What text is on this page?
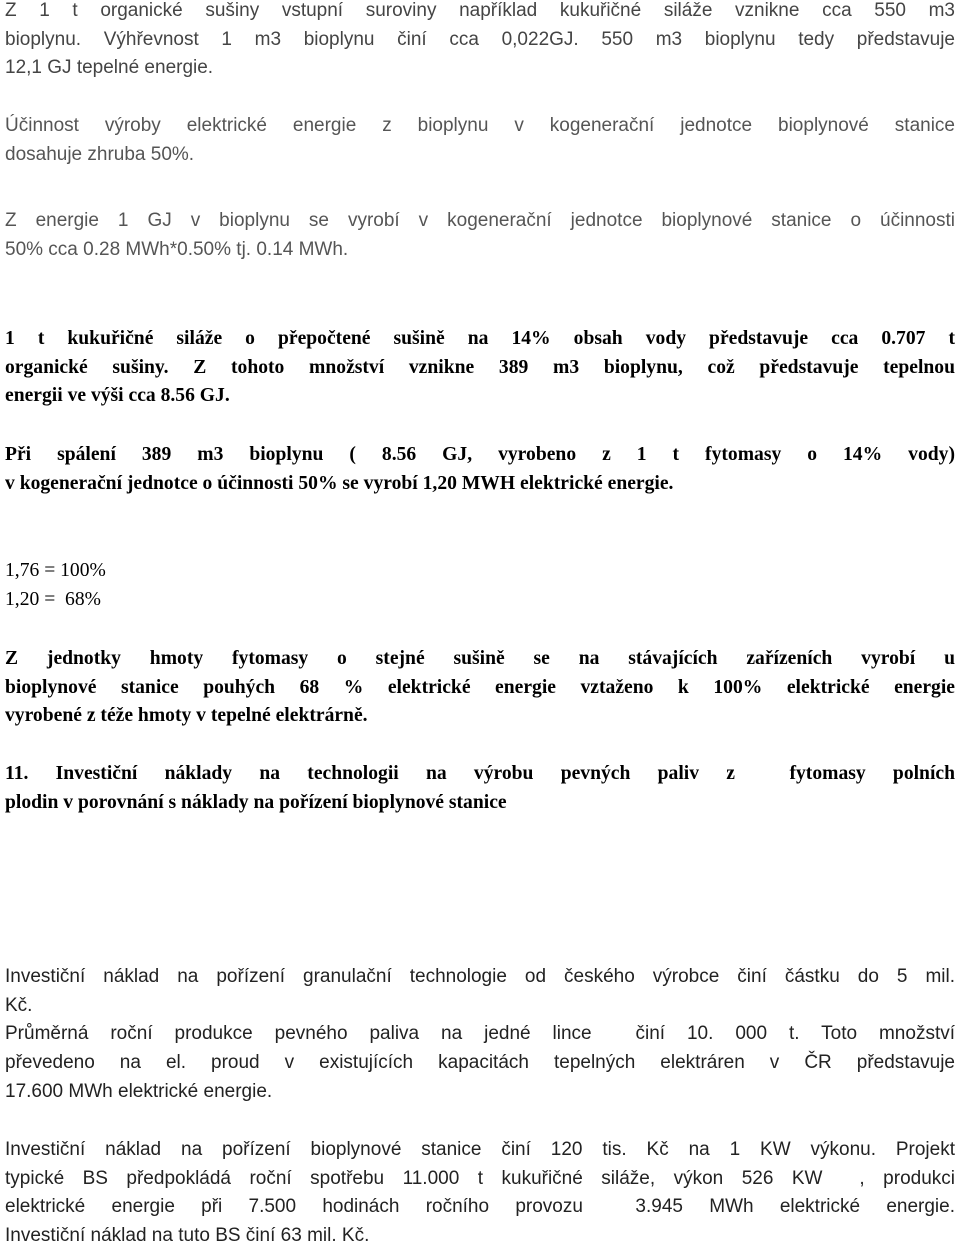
Z 1 t organické sušiny vstupní suroviny například kukuřičné siláže vznikne cca 550 m3
bioplynu. Výhřevnost 1 m3 bioplynu činí cca 0,022GJ. 550 m3 bioplynu tedy představuje
12,1 GJ tepelné energie.

Účinnost výroby elektrické energie z bioplynu v kogenerační jednotce bioplynové stanice
dosahuje zhruba 50%.

Z energie 1 GJ v bioplynu se vyrobí v kogenerační jednotce bioplynové stanice o účinnosti
50% cca 0.28 MWh*0.50% tj. 0.14 MWh.

1 t kukuřičné siláže o přepočtené sušině na 14% obsah vody představuje cca 0.707 t
organické sušiny. Z tohoto množství vznikne 389 m3 bioplynu, což představuje tepelnou
energii ve výši cca 8.56 GJ.

Při spálení 389 m3 bioplynu ( 8.56 GJ, vyrobeno z 1 t fytomasy o 14% vody)
v kogenerační jednotce o účinnosti 50% se vyrobí 1,20 MWH elektrické energie.

1,76 = 100%
1,20 =  68%

Z jednotky hmoty fytomasy o stejné sušině se na stávajících zařízeních vyrobí u
bioplynové stanice pouhých 68 % elektrické energie vztaženo k 100% elektrické energie
vyrobené z téže hmoty v tepelné elektrárně.

11. Investiční náklady na technologii na výrobu pevných paliv z  fytomasy polních
plodin v porovnání s náklady na pořízení bioplynové stanice

Investiční náklad na pořízení granulační technologie od českého výrobce činí částku do 5 mil.
Kč.
Průměrná roční produkce pevného paliva na jedné lince  činí 10. 000 t. Toto množství
převedeno na el. proud v existujících kapacitách tepelných elektráren v ČR představuje
17.600 MWh elektrické energie.

Investiční náklad na pořízení bioplynové stanice činí 120 tis. Kč na 1 KW výkonu. Projekt
typické BS předpokládá roční spotřebu 11.000 t kukuřičné siláže, výkon 526 KW  , produkci
elektrické energie při 7.500 hodinách ročního provozu  3.945 MWh elektrické energie.
Investiční náklad na tuto BS činí 63 mil. Kč.
